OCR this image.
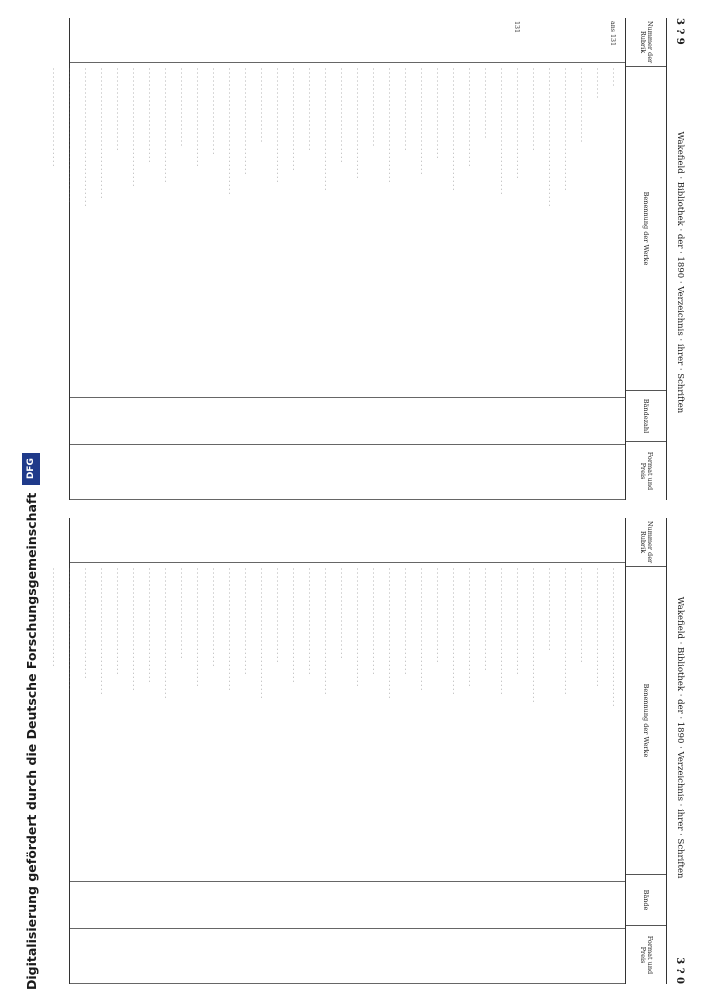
Digitalisierung gefördert durch die Deutsche Forschungsgemeinschaft
DFG
3 ? 9
Wakefield · Bibliothek · der · 1890 · Verzeichnis · ihrer · Schriften
Nummer der Rubrik
Benennung der Werke
Bändezahl
Format und Preis
ans 131
· · · · ·
· · · · · · · ·
· · · · · · · · · · · · · · · · · · ·
· · · · · · · · · · · · · · · · · · · · · · · · · · · · · · ·
· · · · · · · · · · · · · · · · · · · · · · · · · · · · · · · · · · ·
· · · · · · · · · · · · · · · · · · · · ·
131
· · · · · · · · · · · · · · · · · · · · · · · · · · · ·
· · · · · · · · · · · · · · · · · · · · · · · · · · · · · · · ·
· · · · · · · · · · · · · · · · · ·
· · · · · · · · · · · · · · · · · · · · · · · · ·
· · · · · · · · · · · · · · · · · · · · · · · · · · · · · · ·
· · · · · · · · · · · · · · · · · · · · · · ·
· · · · · · · · · · · · · · · · · · · · · · · · · · ·
· · · · · · · · · · · · · · · · · · · · ·
· · · · · · · · · · · · · · · · · · · · · · · · · · · · ·
· · · · · · · · · · · · · · · · · · · ·
· · · · · · · · · · · · · · · · · · · · · · · · · · · ·
· · · · · · · · · · · · · · · · · · · · · · · ·
· · · · · · · · · · · · · · · · · · · · · · · · · · · · · · ·
· · · · · · · · · · · · · · · · · · · · ·
· · · · · · · · · · · · · · · · · · · · · · · · · ·
· · · · · · · · · · · · · · · · · · · · · · · · · · · · ·
· · · · · · · · · · · · · · · · · · ·
· · · · · · · · · · · · · · · · · · · · · · · · · · ·
· · · · · · · · · · · · · · · · · · · · · · · · · · · · · · · ·
· · · · · · · · · · · · · · · · · · · · · ·
· · · · · · · · · · · · · · · · · · · · · · · · ·
· · · · · · · · · · · · · · · · · · · ·
· · · · · · · · · · · · · · · · · · · · · · · · · · · · ·
· · · · · · · · · · · · · · · · · · · · · · · ·
· · · · · · · · · · · · · · · · · · · · · · · · · · · · · ·
· · · · · · · · · · · · · · · · · · · · ·
· · · · · · · · · · · · · · · · · · · · · · · · · · · · · · · · ·
· · · · · · · · · · · · · · · · · · · · · · · · · · · · · · · · · · ·
· · · · · · · · · · · · · · · · · · · · · · · · · · · · · · · · · ·
· · · · · · · · · · · · · · · · · · · · · · · · ·
Wakefield · Bibliothek · der · 1890 · Verzeichnis · ihrer · Schriften
3 ? 0
Nummer der Rubrik
Benennung der Werke
Bände
Format und Preis
· · · · · · · · · · · · · · · · · · · · · · · · · · · · · · · · · · ·
· · · · · · · · · · · · · · · · · · · · · · · · · · · · · ·
· · · · · · · · · · · · · · · · · · · · · · · ·
· · · · · · · · · · · · · · · · · · · · · · · · · · · · · · · ·
· · · · · · · · · · · · · · · · · · · · ·
· · · · · · · · · · · · · · · · · · · · · · · · · · · · · · · · · ·
· · · · · · · · · · · · · · · · · · · · · · · · · · ·
· · · · · · · · · · · · · · · · · · · · · · · · · · · · · · · ·
· · · · · · · · · · · · · · · · · · · · · · · · · ·
· · · · · · · · · · · · · · · · · · · · · · · · · · · · · ·
· · · · · · · · · · · · · · · · · · · · · · · · · · · · · · · ·
· · · · · · · · · · · · · · · · · · · · · · · ·
· · · · · · · · · · · · · · · · · · · · · · · · · · · · · · ·
· · · · · · · · · · · · · · · · · · · · · · · · · · ·
· · · · · · · · · · · · · · · · · · · · · · · · · · · · · · · · ·
· · · · · · · · · · · · · · · · · · · · · · · · · · ·
· · · · · · · · · · · · · · · · · · · · · · · · · · · · · ·
· · · · · · · · · · · · · · · · · · · · · · ·
· · · · · · · · · · · · · · · · · · · · · · · · · · · · · · · ·
· · · · · · · · · · · · · · · · · · · · · · · · · · ·
· · · · · · · · · · · · · · · · · · · · · · · · · · · · ·
· · · · · · · · · · · · · · · · · · · · · · · ·
· · · · · · · · · · · · · · · · · · · · · · · · · · · · · · · · ·
· · · · · · · · · · · · · · · · · · · · · · · · · · ·
· · · · · · · · · · · · · · · · · · · · · · · · · · · · · · ·
· · · · · · · · · · · · · · · · · · · · · · · · ·
· · · · · · · · · · · · · · · · · · · · · · · · · · · · · ·
· · · · · · · · · · · · · · · · · · · · · · ·
· · · · · · · · · · · · · · · · · · · · · · · · · · · · · · · · ·
· · · · · · · · · · · · · · · · · · · · · · · · · · · · ·
· · · · · · · · · · · · · · · · · · · · · · · · · · · · · · ·
· · · · · · · · · · · · · · · · · · · · · · · · · · ·
· · · · · · · · · · · · · · · · · · · · · · · · · · · · · · · ·
· · · · · · · · · · · · · · · · · · · · · · · · · · · ·
· · · · · · · · · · · · · · · · · · · · · · · · · · · · · · ·
· · · · · · · · · · · · · · · · · · · · · · · · ·
